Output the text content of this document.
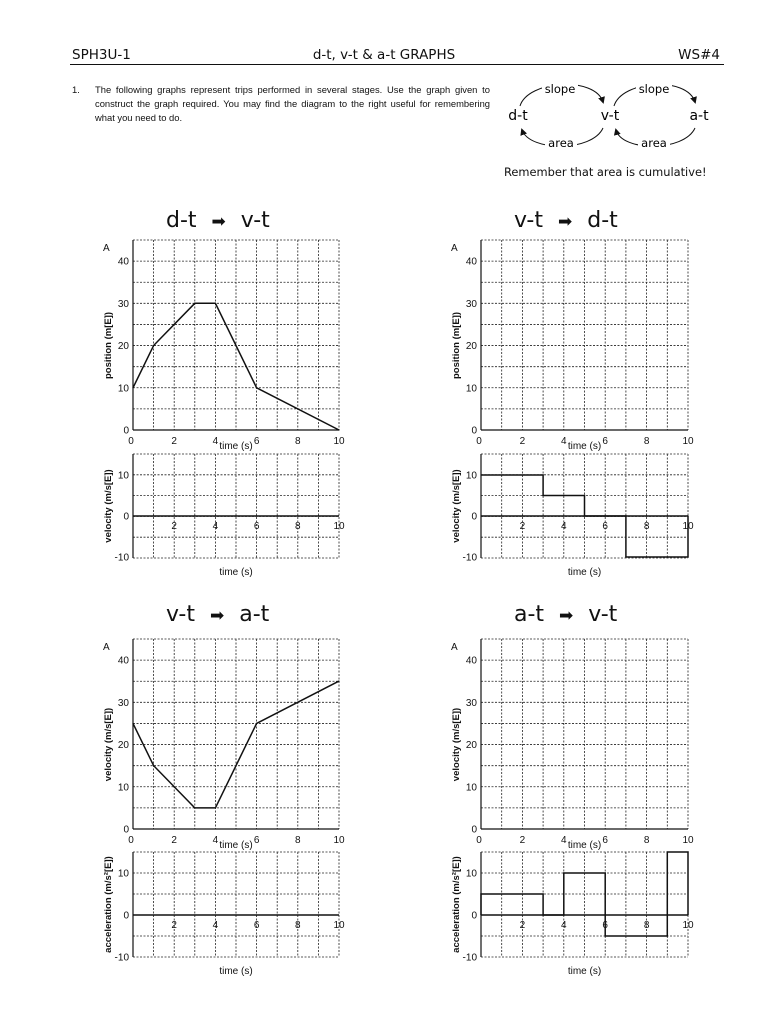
SPH3U-1	d-t, v-t & a-t GRAPHS	WS#4
1. The following graphs represent trips performed in several stages. Use the graph given to construct the graph required. You may find the diagram to the right useful for remembering what you need to do.	d-t	v-t	a-t
slope	slope
area	area
Remember that area is cumulative!
d-t ➡ v-t	v-t ➡ d-t
v-t ➡ a-t	a-t ➡ v-t
40
30
20
10
0
0	2	4	6	8	10
A
time (s)
position (m[E])
10
0
-10
2	4	6	8	10
time (s)
velocity (m/s[E])
40
30
20
10
0
0	2	4	6	8	10
A
time (s)
position (m[E])
10
0
-10
2	4	6	8	10
time (s)
velocity (m/s[E])
40
30
20
10
0
0	2	4	6	8	10
A
time (s)
velocity (m/s[E])
10
0
-10
2	4	6	8	10
time (s)
acceleration (m/s²[E])
40
30
20
10
0
0	2	4	6	8	10
A
time (s)
velocity (m/s[E])
10
0
-10
2	4	6	8	10
time (s)
acceleration (m/s²[E])
